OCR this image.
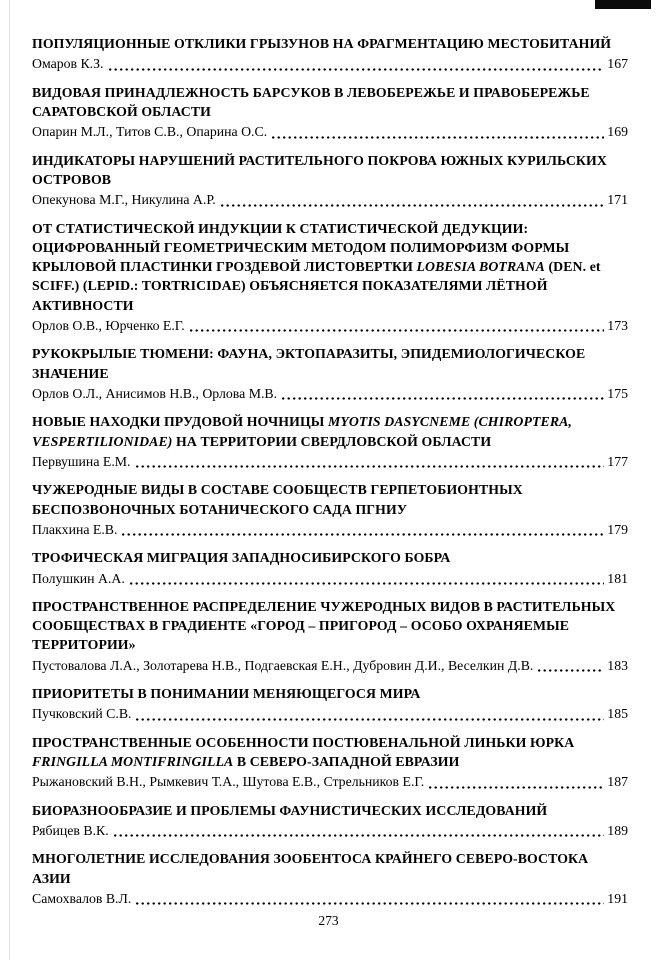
ПОПУЛЯЦИОННЫЕ ОТКЛИКИ ГРЫЗУНОВ НА ФРАГМЕНТАЦИЮ МЕСТОБИТАНИЙ
Омаров К.З.	167
ВИДОВАЯ ПРИНАДЛЕЖНОСТЬ БАРСУКОВ В ЛЕВОБЕРЕЖЬЕ И ПРАВОБЕРЕЖЬЕ САРАТОВСКОЙ ОБЛАСТИ
Опарин М.Л., Титов С.В., Опарина О.С.	169
ИНДИКАТОРЫ НАРУШЕНИЙ РАСТИТЕЛЬНОГО ПОКРОВА ЮЖНЫХ КУРИЛЬСКИХ ОСТРОВОВ
Опекунова М.Г., Никулина А.Р.	171
ОТ СТАТИСТИЧЕСКОЙ ИНДУКЦИИ К СТАТИСТИЧЕСКОЙ ДЕДУКЦИИ: ОЦИФРОВАННЫЙ ГЕОМЕТРИЧЕСКИМ МЕТОДОМ ПОЛИМОРФИЗМ ФОРМЫ КРЫЛОВОЙ ПЛАСТИНКИ ГРОЗДЕВОЙ ЛИСТОВЕРТКИ LOBESIA BOTRANA (DEN. et SCIFF.) (LEPID.: TORTRICIDAE) ОБЪЯСНЯЕТСЯ ПОКАЗАТЕЛЯМИ ЛЁТНОЙ АКТИВНОСТИ
Орлов О.В., Юрченко Е.Г.	173
РУКОКРЫЛЫЕ ТЮМЕНИ: ФАУНА, ЭКТОПАРАЗИТЫ, ЭПИДЕМИОЛОГИЧЕСКОЕ ЗНАЧЕНИЕ
Орлов О.Л., Анисимов Н.В., Орлова М.В.	175
НОВЫЕ НАХОДКИ ПРУДОВОЙ НОЧНИЦЫ MYOTIS DASYCNEME (CHIROPTERA, VESPERTILIONIDAE) НА ТЕРРИТОРИИ СВЕРДЛОВСКОЙ ОБЛАСТИ
Первушина Е.М.	177
ЧУЖЕРОДНЫЕ ВИДЫ В СОСТАВЕ СООБЩЕСТВ ГЕРПЕТОБИОНТНЫХ БЕСПОЗВОНОЧНЫХ БОТАНИЧЕСКОГО САДА ПГНИУ
Плакхина Е.В.	179
ТРОФИЧЕСКАЯ МИГРАЦИЯ ЗАПАДНОСИБИРСКОГО БОБРА
Полушкин А.А.	181
ПРОСТРАНСТВЕННОЕ РАСПРЕДЕЛЕНИЕ ЧУЖЕРОДНЫХ ВИДОВ В РАСТИТЕЛЬНЫХ СООБЩЕСТВАХ В ГРАДИЕНТЕ «ГОРОД – ПРИГОРОД – ОСОБО ОХРАНЯЕМЫЕ ТЕРРИТОРИИ»
Пустовалова Л.А., Золотарева Н.В., Подгаевская Е.Н., Дубровин Д.И., Веселкин Д.В.	183
ПРИОРИТЕТЫ В ПОНИМАНИИ МЕНЯЮЩЕГОСЯ МИРА
Пучковский С.В.	185
ПРОСТРАНСТВЕННЫЕ ОСОБЕННОСТИ ПОСТЮВЕНАЛЬНОЙ ЛИНЬКИ ЮРКА FRINGILLA MONTIFRINGILLA В СЕВЕРО-ЗАПАДНОЙ ЕВРАЗИИ
Рыжановский В.Н., Рымкевич Т.А., Шутова Е.В., Стрельников Е.Г.	187
БИОРАЗНООБРАЗИЕ И ПРОБЛЕМЫ ФАУНИСТИЧЕСКИХ ИССЛЕДОВАНИЙ
Рябицев В.К.	189
МНОГОЛЕТНИЕ ИССЛЕДОВАНИЯ ЗООБЕНТОСА КРАЙНЕГО СЕВЕРО-ВОСТОКА АЗИИ
Самохвалов В.Л.	191
273
